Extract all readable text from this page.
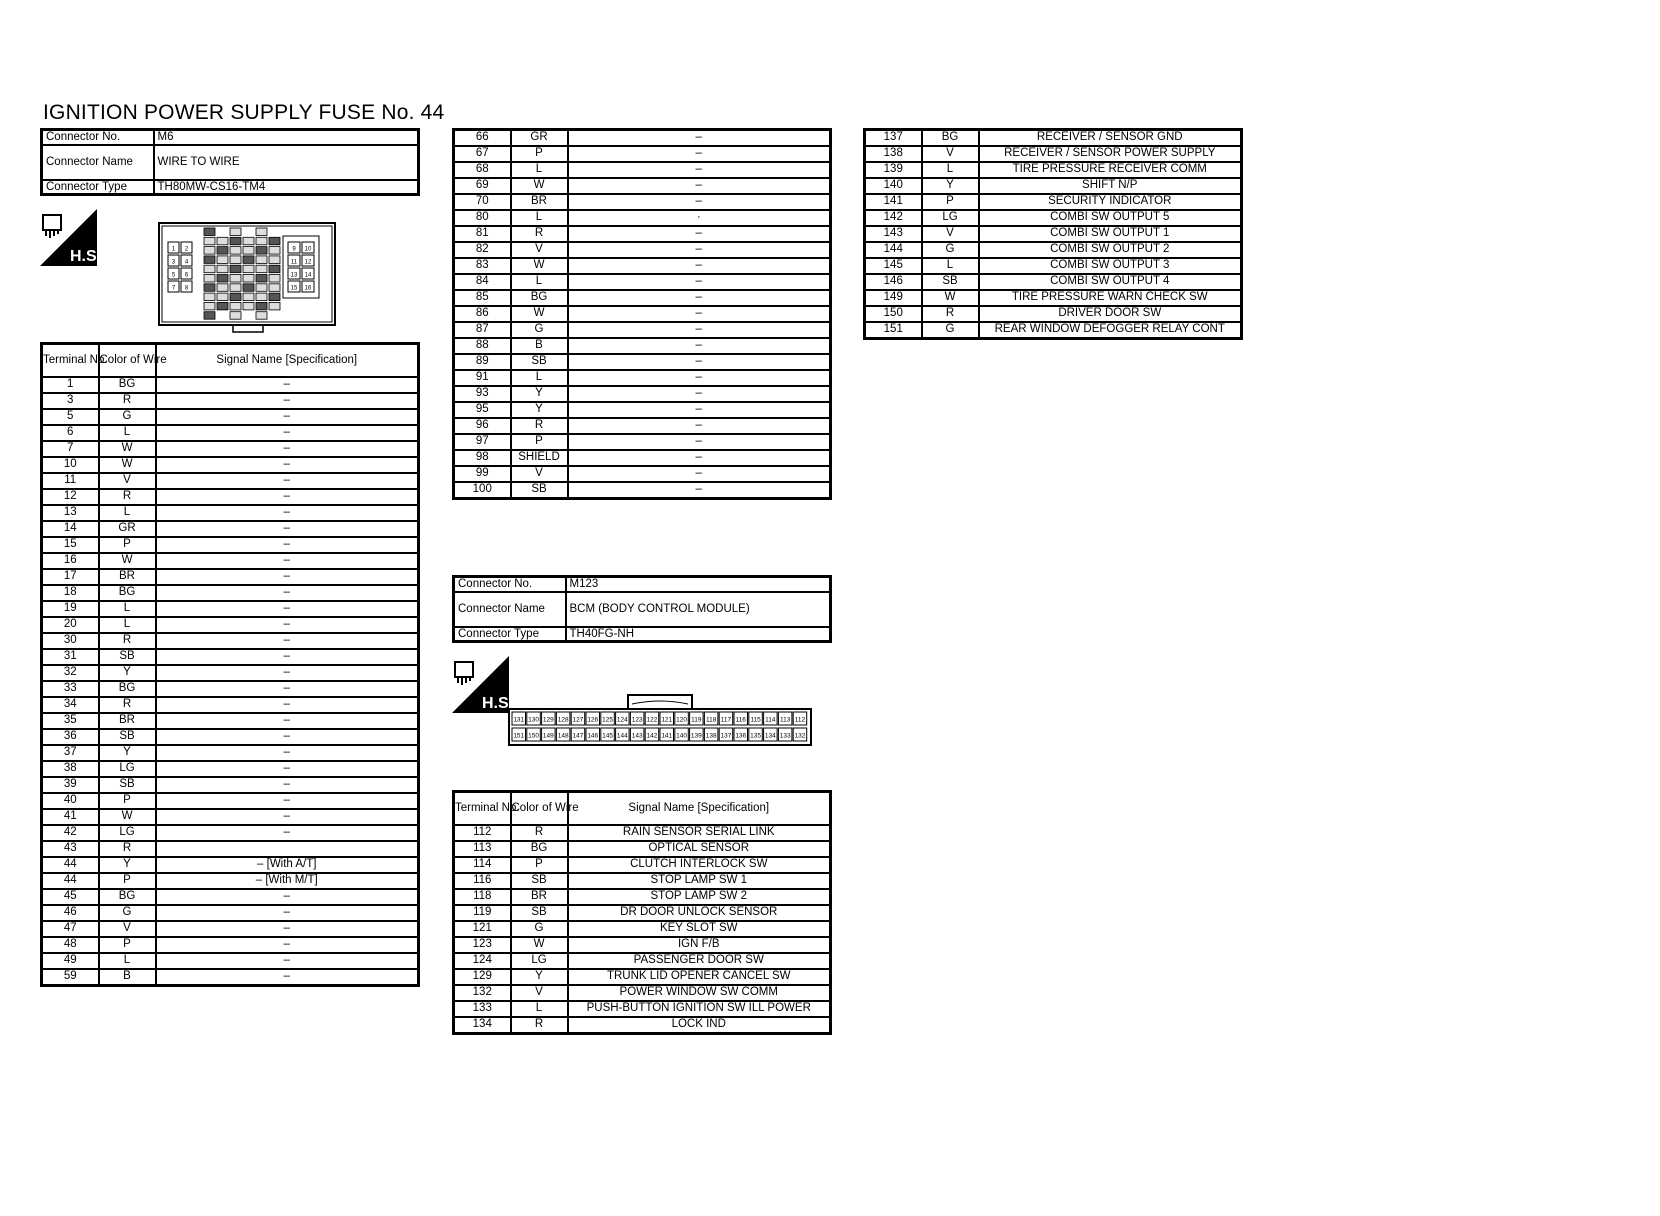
IGNITION POWER SUPPLY FUSE No. 44
Connector No.	M6
Connector Name	WIRE TO WIRE
Connector Type	TH80MW-CS16-TM4
H.S.	1 2
3 4
5 6
7 8
9 10
11 12
13 14
15 16
Terminal No.	Color of Wire	Signal Name [Specification]
1	BG	–
3	R	–
5	G	–
6	L	–
7	W	–
10	W	–
11	V	–
12	R	–
13	L	–
14	GR	–
15	P	–
16	W	–
17	BR	–
18	BG	–
19	L	–
20	L	–
30	R	–
31	SB	–
32	Y	–
33	BG	–
34	R	–
35	BR	–
36	SB	–
37	Y	–
38	LG	–
39	SB	–
40	P	–
41	W	–
42	LG	–
43	R	
44	Y	– [With A/T]
44	P	– [With M/T]
45	BG	–
46	G	–
47	V	–
48	P	–
49	L	–
59	B	–
66	GR	–
67	P	–
68	L	–
69	W	–
70	BR	–
80	L	·
81	R	–
82	V	–
83	W	–
84	L	–
85	BG	–
86	W	–
87	G	–
88	B	–
89	SB	–
91	L	–
93	Y	–
95	Y	–
96	R	–
97	P	–
98	SHIELD	–
99	V	–
100	SB	–
Connector No.	M123
Connector Name	BCM (BODY CONTROL MODULE)
Connector Type	TH40FG-NH
H.S.
131 130 129 128 127 126 125 124 123 122 121 120 119 118 117 116 115 114 113 112
151 150 149 148 147 146 145 144 143 142 141 140 139 138 137 136 135 134 133 132
Terminal No.	Color of Wire	Signal Name [Specification]
112	R	RAIN SENSOR SERIAL LINK
113	BG	OPTICAL SENSOR
114	P	CLUTCH INTERLOCK SW
116	SB	STOP LAMP SW 1
118	BR	STOP LAMP SW 2
119	SB	DR DOOR UNLOCK SENSOR
121	G	KEY SLOT SW
123	W	IGN F/B
124	LG	PASSENGER DOOR SW
129	Y	TRUNK LID OPENER CANCEL SW
132	V	POWER WINDOW SW COMM
133	L	PUSH-BUTTON IGNITION SW ILL POWER
134	R	LOCK IND
137	BG	RECEIVER / SENSOR GND
138	V	RECEIVER / SENSOR POWER SUPPLY
139	L	TIRE PRESSURE RECEIVER COMM
140	Y	SHIFT N/P
141	P	SECURITY INDICATOR
142	LG	COMBI SW OUTPUT 5
143	V	COMBI SW OUTPUT 1
144	G	COMBI SW OUTPUT 2
145	L	COMBI SW OUTPUT 3
146	SB	COMBI SW OUTPUT 4
149	W	TIRE PRESSURE WARN CHECK SW
150	R	DRIVER DOOR SW
151	G	REAR WINDOW DEFOGGER RELAY CONT
